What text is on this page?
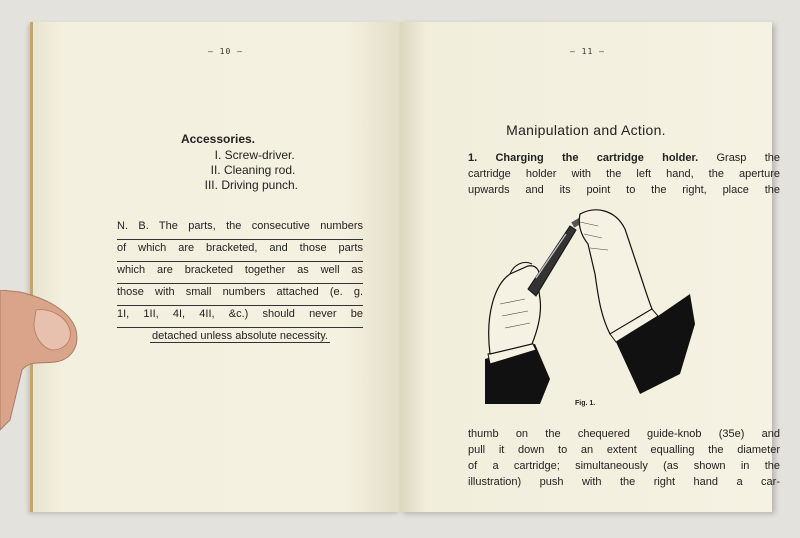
– 10 –
Accessories.
I. Screw-driver.
II. Cleaning rod.
III. Driving punch.
N. B. The parts, the consecutive numbers
of which are bracketed, and those parts
which are bracketed together as well as
those with small numbers attached (e. g.
1I, 1II, 4I, 4II, &c.) should never be
detached unless absolute necessity.
– 11 –
Manipulation and Action.
1. Charging the cartridge holder. Grasp the
cartridge holder with the left hand, the aperture
upwards and its point to the right, place the
Fig. 1.
thumb on the chequered guide-knob (35e) and
pull it down to an extent equalling the diameter
of a cartridge; simultaneously (as shown in the
illustration) push with the right hand a car-
